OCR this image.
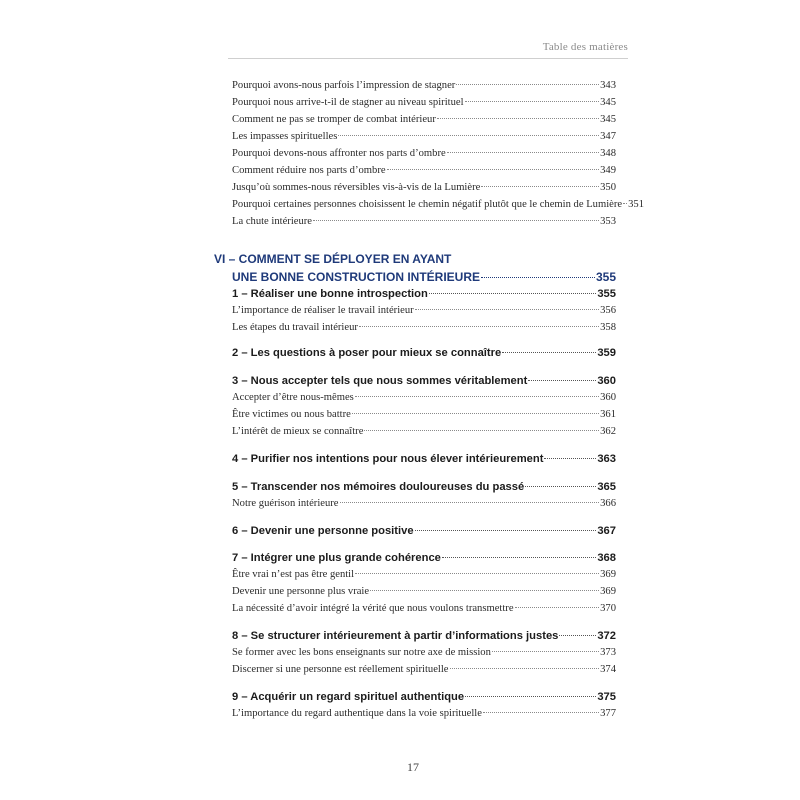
Table des matières
Pourquoi avons-nous parfois l’impression de stagner	343
Pourquoi nous arrive-t-il de stagner au niveau spirituel	345
Comment ne pas se tromper de combat intérieur	345
Les impasses spirituelles	347
Pourquoi devons-nous affronter nos parts d’ombre	348
Comment réduire nos parts d’ombre	349
Jusqu’où sommes-nous réversibles vis-à-vis de la Lumière	350
Pourquoi certaines personnes choisissent le chemin négatif plutôt que le chemin de Lumière 351
La chute intérieure	353
VI – COMMENT SE DÉPLOYER EN AYANT
UNE BONNE CONSTRUCTION INTÉRIEURE	355
1 – Réaliser une bonne introspection	355
L’importance de réaliser le travail intérieur	356
Les étapes du travail intérieur	358
2 – Les questions à poser pour mieux se connaître	359
3 – Nous accepter tels que nous sommes véritablement	360
Accepter d’être nous-mêmes	360
Être victimes ou nous battre	361
L’intérêt de mieux se connaître	362
4 – Purifier nos intentions pour nous élever intérieurement	363
5 – Transcender nos mémoires douloureuses du passé	365
Notre guérison intérieure	366
6 – Devenir une personne positive	367
7 – Intégrer une plus grande cohérence	368
Être vrai n’est pas être gentil	369
Devenir une personne plus vraie	369
La nécessité d’avoir intégré la vérité que nous voulons transmettre	370
8 – Se structurer intérieurement à partir d’informations justes	372
Se former avec les bons enseignants sur notre axe de mission	373
Discerner si une personne est réellement spirituelle	374
9 – Acquérir un regard spirituel authentique	375
L’importance du regard authentique dans la voie spirituelle	377
17
